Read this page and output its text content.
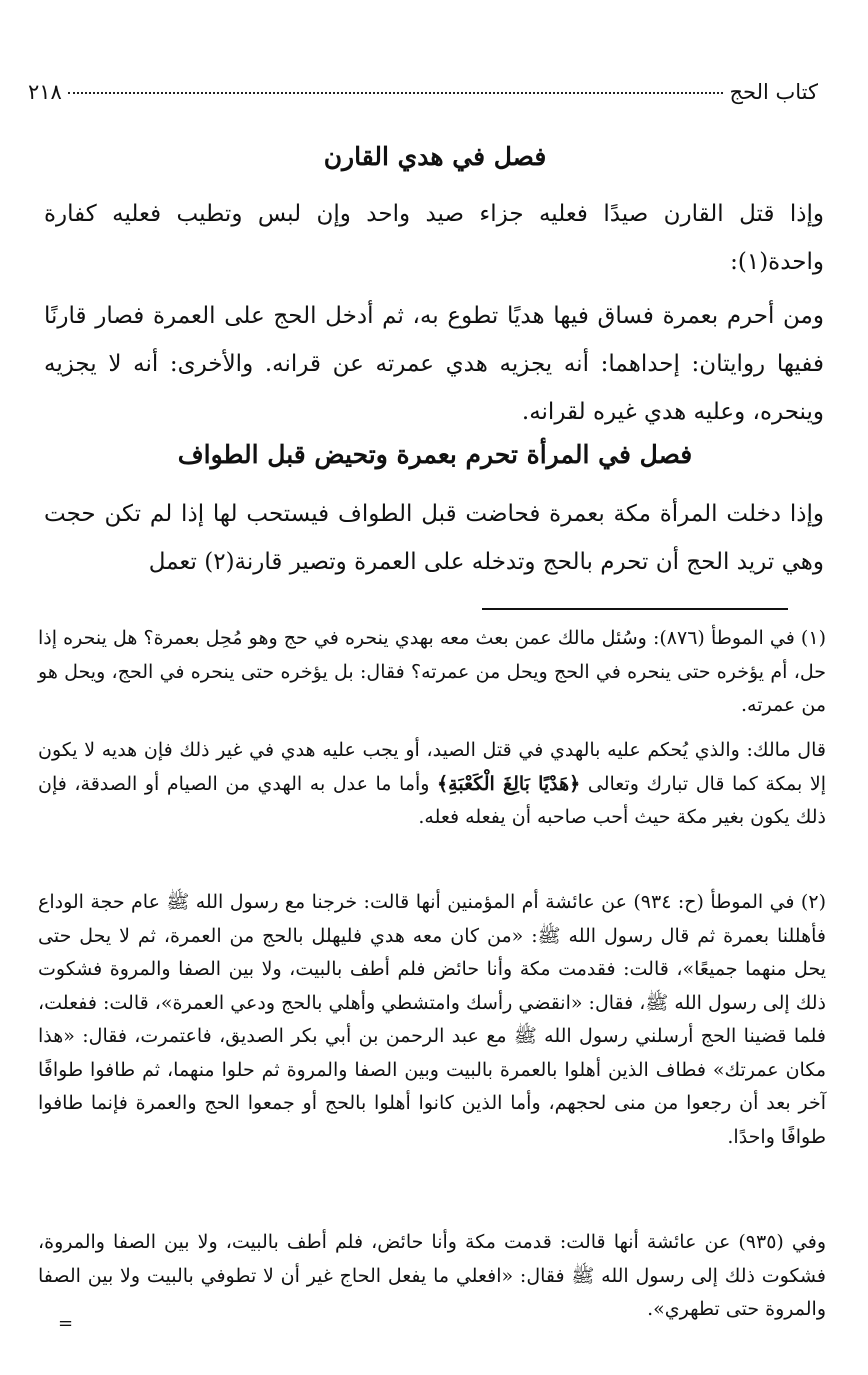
كتاب الحج
٢١٨
فصل في هدي القارن

وإذا قتل القارن صيدًا فعليه جزاء صيد واحد وإن لبس وتطيب فعليه كفارة واحدة(١):

ومن أحرم بعمرة فساق فيها هديًا تطوع به، ثم أدخل الحج على العمرة فصار قارنًا ففيها روايتان: إحداهما: أنه يجزيه هدي عمرته عن قرانه. والأخرى: أنه لا يجزيه وينحره، وعليه هدي غيره لقرانه.

فصل في المرأة تحرم بعمرة وتحيض قبل الطواف

وإذا دخلت المرأة مكة بعمرة فحاضت قبل الطواف فيستحب لها إذا لم تكن حجت وهي تريد الحج أن تحرم بالحج وتدخله على العمرة وتصير قارنة(٢) تعمل

(١) في الموطأ (٨٧٦): وسُئل مالك عمن بعث معه بهدي ينحره في حج وهو مُحِل بعمرة؟ هل ينحره إذا حل، أم يؤخره حتى ينحره في الحج ويحل من عمرته؟ فقال: بل يؤخره حتى ينحره في الحج، ويحل هو من عمرته.

قال مالك: والذي يُحكم عليه بالهدي في قتل الصيد، أو يجب عليه هدي في غير ذلك فإن هديه لا يكون إلا بمكة كما قال تبارك وتعالى ﴿هَدْيًا بَالِغَ الْكَعْبَةِ﴾ وأما ما عدل به الهدي من الصيام أو الصدقة، فإن ذلك يكون بغير مكة حيث أحب صاحبه أن يفعله فعله.

(٢) في الموطأ (ح: ٩٣٤) عن عائشة أم المؤمنين أنها قالت: خرجنا مع رسول الله ﷺ عام حجة الوداع فأهللنا بعمرة ثم قال رسول الله ﷺ: «من كان معه هدي فليهلل بالحج من العمرة، ثم لا يحل حتى يحل منهما جميعًا»، قالت: فقدمت مكة وأنا حائض فلم أطف بالبيت، ولا بين الصفا والمروة فشكوت ذلك إلى رسول الله ﷺ، فقال: «انقضي رأسك وامتشطي وأهلي بالحج ودعي العمرة»، قالت: ففعلت، فلما قضينا الحج أرسلني رسول الله ﷺ مع عبد الرحمن بن أبي بكر الصديق، فاعتمرت، فقال: «هذا مكان عمرتك» فطاف الذين أهلوا بالعمرة بالبيت وبين الصفا والمروة ثم حلوا منهما، ثم طافوا طوافًا آخر بعد أن رجعوا من منى لحجهم، وأما الذين كانوا أهلوا بالحج أو جمعوا الحج والعمرة فإنما طافوا طوافًا واحدًا.

وفي (٩٣٥) عن عائشة أنها قالت: قدمت مكة وأنا حائض، فلم أطف بالبيت، ولا بين الصفا والمروة، فشكوت ذلك إلى رسول الله ﷺ فقال: «افعلي ما يفعل الحاج غير أن لا تطوفي بالبيت ولا بين الصفا والمروة حتى تطهري».

=
